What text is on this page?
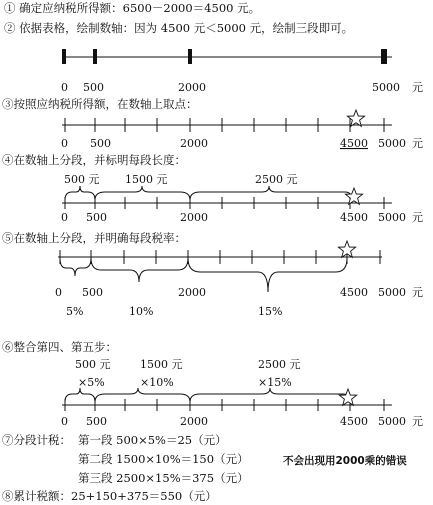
① 确定应纳税所得额：6500－2000＝4500 元。
② 依据表格，绘制数轴：因为 4500 元＜5000 元，绘制三段即可。
③按照应纳税所得额，在数轴上取点：
④在数轴上分段，并标明每段长度：
⑤在数轴上分段，并明确每段税率：
⑥整合第四、第五步：
⑦分段计税： 第一段 500×5%＝25（元）
第二段 1500×10%＝150（元）
第三段 2500×15%＝375（元）
⑧累计税额：25+150+375＝550（元）
不会出现用2000乘的错误
0 500	2000	5000 元
0 500	2000	4500 5000 元
500 元 1500 元	2500 元
0 500	2000	4500 5000 元
0 500	2000	4500 5000 元
5%	10%	15%
500 元	1500 元	2500 元
×5%	×10%	×15%
0 500	2000	4500 5000 元
